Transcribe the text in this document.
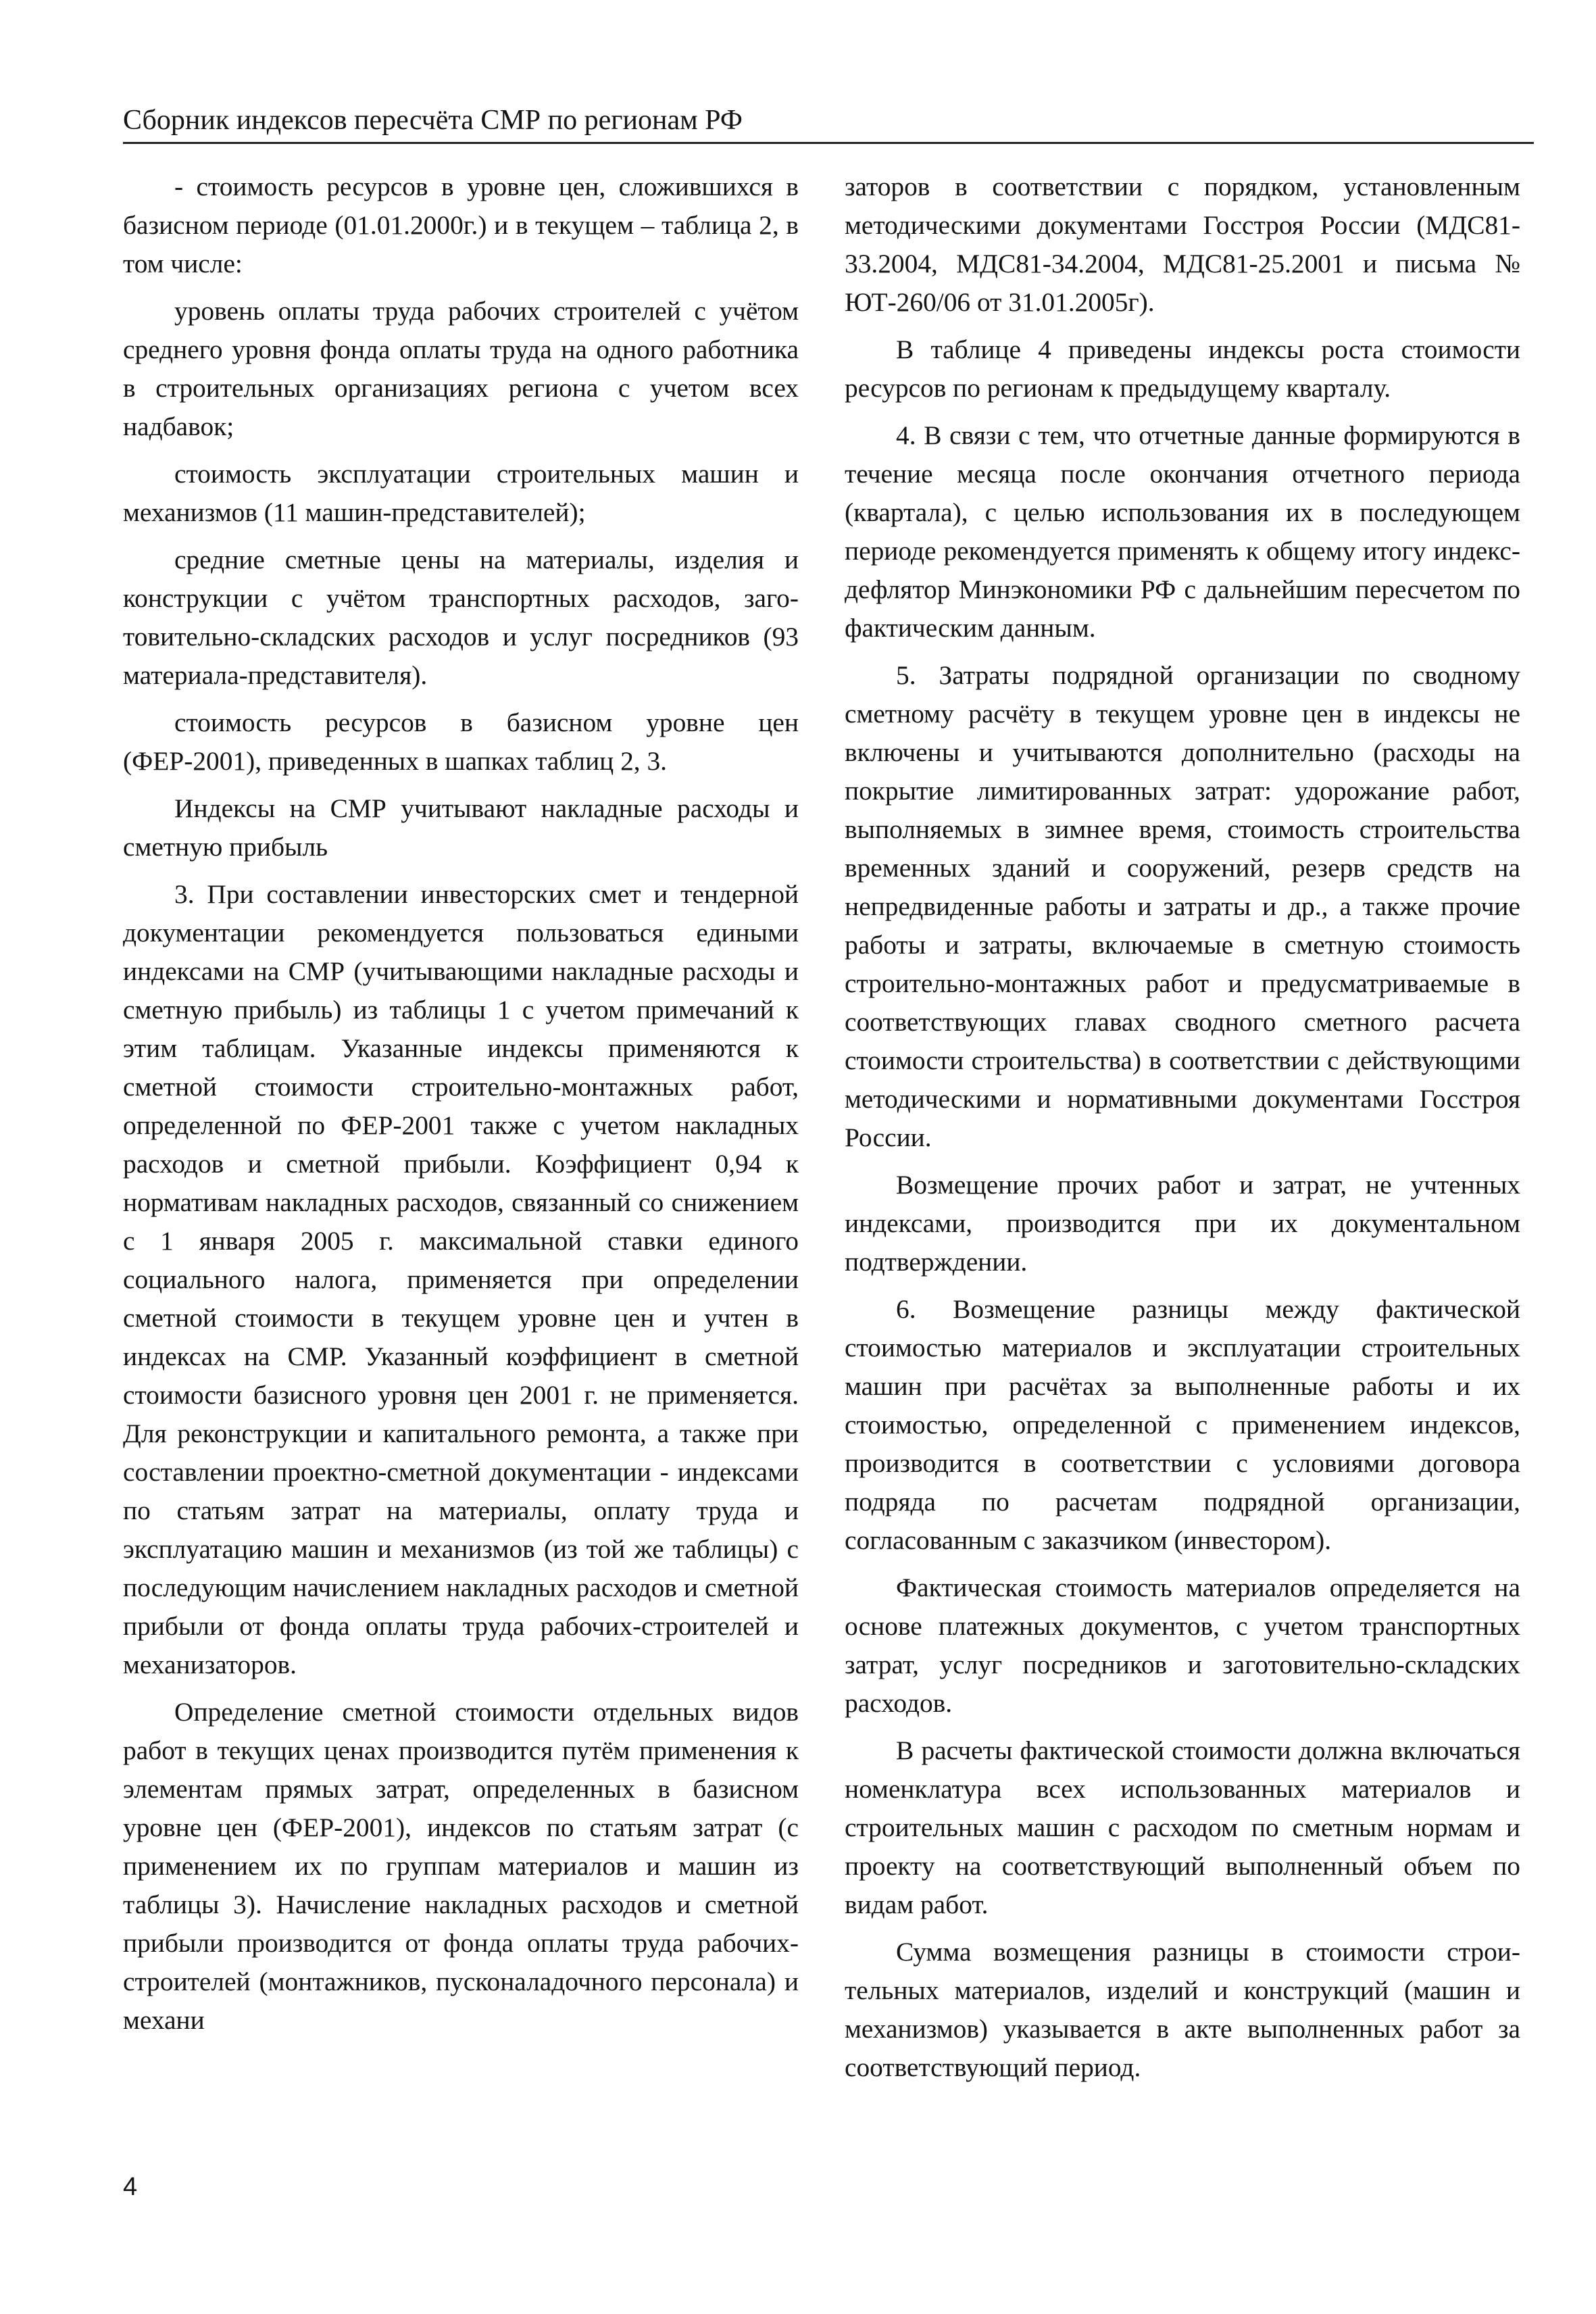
Сборник индексов пересчёта СМР по регионам РФ

- стоимость ресурсов в уровне цен, сложившихся в базисном периоде (01.01.2000г.) и в текущем – таблица 2, в том числе:

уровень оплаты труда рабочих строителей с учётом среднего уровня фонда оплаты труда на одного работника в строительных организациях региона с учетом всех надбавок;

стоимость эксплуатации строительных машин и механизмов (11 машин-представителей);

средние сметные цены на материалы, изделия и конструкции с учётом транспортных расходов, заготовительно-складских расходов и услуг посредников (93 материала-представителя).

стоимость ресурсов в базисном уровне цен (ФЕР-2001), приведенных в шапках таблиц 2, 3.

Индексы на СМР учитывают накладные расходы и сметную прибыль

3. При составлении инвесторских смет и тендерной документации рекомендуется пользоваться едиными индексами на СМР (учитывающими накладные расходы и сметную прибыль) из таблицы 1 с учетом примечаний к этим таблицам. Указанные индексы применяются к сметной стоимости строительно-монтажных работ, определенной по ФЕР-2001 также с учетом накладных расходов и сметной прибыли. Коэффициент 0,94 к нормативам накладных расходов, связанный со снижением с 1 января 2005 г. максимальной ставки единого социального налога, применяется при определении сметной стоимости в текущем уровне цен и учтен в индексах на СМР. Указанный коэффициент в сметной стоимости базисного уровня цен 2001 г. не применяется. Для реконструкции и капитального ремонта, а также при составлении проектно-сметной документации - индексами по статьям затрат на материалы, оплату труда и эксплуатацию машин и механизмов (из той же таблицы) с последующим начислением накладных расходов и сметной прибыли от фонда оплаты труда рабочих-строителей и механизаторов.

Определение сметной стоимости отдельных видов работ в текущих ценах производится путём применения к элементам прямых затрат, определенных в базисном уровне цен (ФЕР-2001), индексов по статьям затрат (с применением их по группам материалов и машин из таблицы 3). Начисление накладных расходов и сметной прибыли производится от фонда оплаты труда рабочих-строителей (монтажников, пусконаладочного персонала) и механи

заторов в соответствии с порядком, установленным методическими документами Госстроя России (МДС81-33.2004, МДС81-34.2004, МДС81-25.2001 и письма № ЮТ-260/06 от 31.01.2005г).

В таблице 4 приведены индексы роста стоимости ресурсов по регионам к предыдущему кварталу.

4. В связи с тем, что отчетные данные формируются в течение месяца после окончания отчетного периода (квартала), с целью использования их в последующем периоде рекомендуется применять к общему итогу индекс- дефлятор Минэкономики РФ с дальнейшим пересчетом по фактическим данным.

5. Затраты подрядной организации по сводному сметному расчёту в текущем уровне цен в индексы не включены и учитываются дополнительно (расходы на покрытие лимитированных затрат: удорожание работ, выполняемых в зимнее время, стоимость строительства временных зданий и сооружений, резерв средств на непредвиденные работы и затраты и др., а также прочие работы и затраты, включаемые в сметную стоимость строительно-монтажных работ и предусматриваемые в соответствующих главах сводного сметного расчета стоимости строительства) в соответствии с действующими методическими и нормативными документами Госстроя России.

Возмещение прочих работ и затрат, не учтенных индексами, производится при их документальном подтверждении.

6. Возмещение разницы между фактической стоимостью материалов и эксплуатации строительных машин при расчётах за выполненные работы и их стоимостью, определенной с применением индексов, производится в соответствии с условиями договора подряда по расчетам подрядной организации, согласованным с заказчиком (инвестором).

Фактическая стоимость материалов определяется на основе платежных документов, с учетом транспортных затрат, услуг посредников и заготовительно-складских расходов.

В расчеты фактической стоимости должна включаться номенклатура всех использованных материалов и строительных машин с расходом по сметным нормам и проекту на соответствующий выполненный объем по видам работ.

Сумма возмещения разницы в стоимости строительных материалов, изделий и конструкций (машин и механизмов) указывается в акте выполненных работ за соответствующий период.

4
